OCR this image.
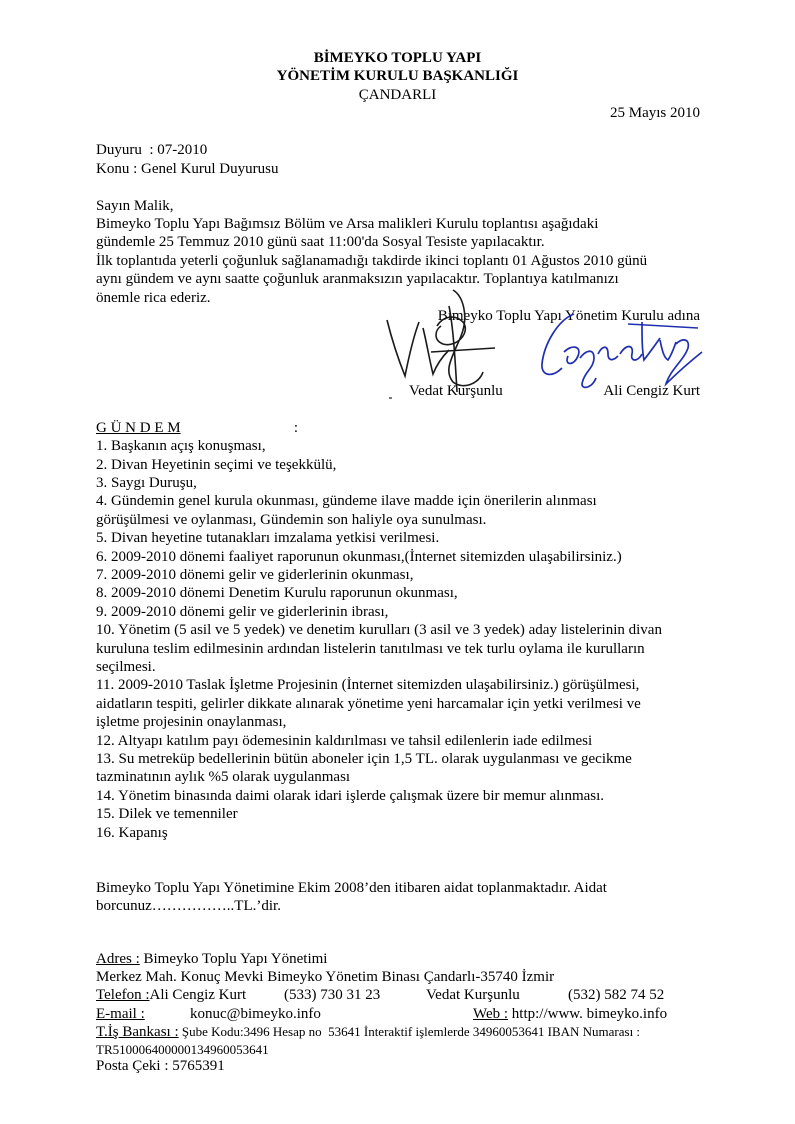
BİMEYKO TOPLU YAPI
YÖNETİM KURULU BAŞKANLIĞI
ÇANDARLI
25 Mayıs 2010
Duyuru  : 07-2010
Konu : Genel Kurul Duyurusu
Sayın Malik,
Bimeyko Toplu Yapı Bağımsız Bölüm ve Arsa malikleri Kurulu toplantısı aşağıdaki
gündemle 25 Temmuz 2010 günü saat 11:00'da Sosyal Tesiste yapılacaktır.
İlk toplantıda yeterli çoğunluk sağlanamadığı takdirde ikinci toplantı 01 Ağustos 2010 günü
aynı gündem ve aynı saatte çoğunluk aranmaksızın yapılacaktır. Toplantıya katılmanızı
önemle rica ederiz.
Bimeyko Toplu Yapı Yönetim Kurulu adına
Vedat Kurşunlu	Ali Cengiz Kurt
G Ü N D E M	:
1. Başkanın açış konuşması,
2. Divan Heyetinin seçimi ve teşekkülü,
3. Saygı Duruşu,
4. Gündemin genel kurula okunması, gündeme ilave madde için önerilerin alınması
görüşülmesi ve oylanması, Gündemin son haliyle oya sunulması.
5. Divan heyetine tutanakları imzalama yetkisi verilmesi.
6. 2009-2010 dönemi faaliyet raporunun okunması,(İnternet sitemizden ulaşabilirsiniz.)
7. 2009-2010 dönemi gelir ve giderlerinin okunması,
8. 2009-2010 dönemi Denetim Kurulu raporunun okunması,
9. 2009-2010 dönemi gelir ve giderlerinin ibrası,
10. Yönetim (5 asil ve 5 yedek) ve denetim kurulları (3 asil ve 3 yedek) aday listelerinin divan
kuruluna teslim edilmesinin ardından listelerin tanıtılması ve tek turlu oylama ile kurulların
seçilmesi.
11. 2009-2010 Taslak İşletme Projesinin (İnternet sitemizden ulaşabilirsiniz.) görüşülmesi,
aidatların tespiti, gelirler dikkate alınarak yönetime yeni harcamalar için yetki verilmesi ve
işletme projesinin onaylanması,
12. Altyapı katılım payı ödemesinin kaldırılması ve tahsil edilenlerin iade edilmesi
13. Su metreküp bedellerinin bütün aboneler için 1,5 TL. olarak uygulanması ve gecikme
tazminatının aylık %5 olarak uygulanması
14. Yönetim binasında daimi olarak idari işlerde çalışmak üzere bir memur alınması.
15. Dilek ve temenniler
16. Kapanış
Bimeyko Toplu Yapı Yönetimine Ekim 2008’den itibaren aidat toplanmaktadır. Aidat
borcunuz……………..TL.’dir.
Adres : Bimeyko Toplu Yapı Yönetimi
Merkez Mah. Konuç Mevki Bimeyko Yönetim Binası Çandarlı-35740 İzmir
Telefon :Ali Cengiz Kurt	(533) 730 31 23	Vedat Kurşunlu	(532) 582 74 52
E-mail :	konuc@bimeyko.info	Web : http://www. bimeyko.info
T.İş Bankası : Şube Kodu:3496 Hesap no  53641 İnteraktif işlemlerde 34960053641 IBAN Numarası :
TR510006400000134960053641
Posta Çeki : 5765391
